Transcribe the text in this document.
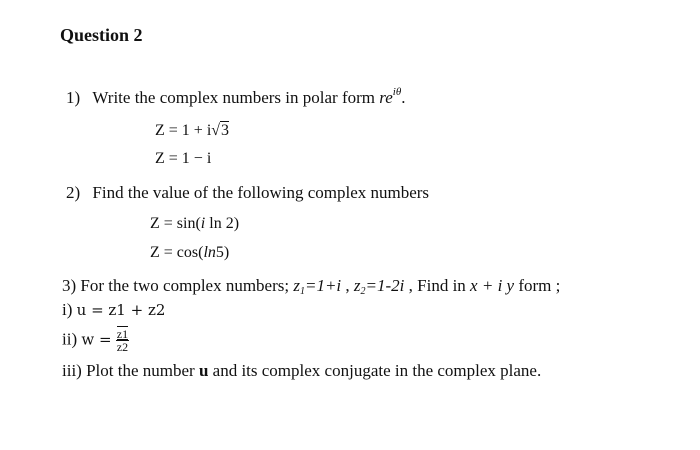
Question 2
1) Write the complex numbers in polar form $re^{i\theta}$.
Z = 1 + i√3
Z = 1 − i
2) Find the value of the following complex numbers
Z = sin(i ln 2)
Z = cos(ln5)
3) For the two complex numbers; z1=1+i , z2=1-2i , Find in x + i y form ;
i) u = z1 + z2
ii) $w = \frac{z1}{z2}$
iii) Plot the number u and its complex conjugate in the complex plane.
